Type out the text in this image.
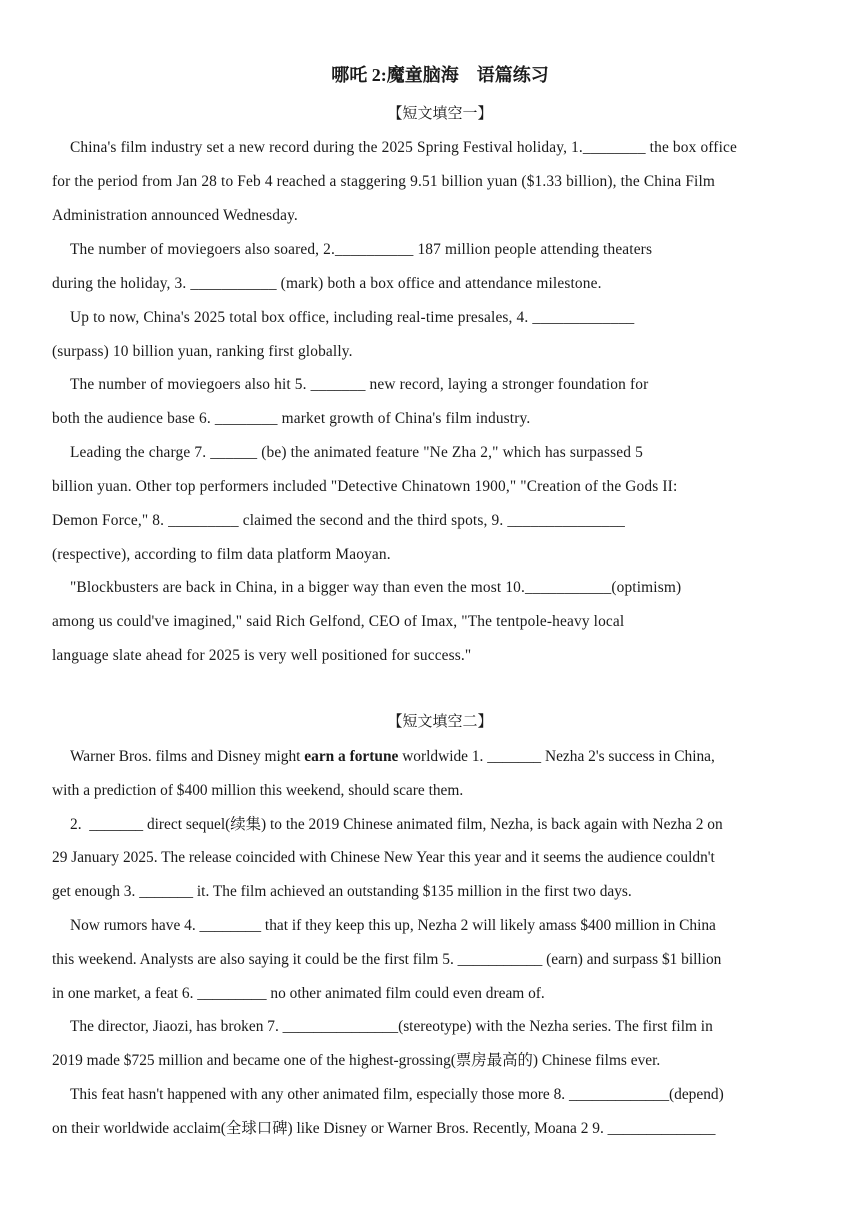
哪吒 2:魔童脑海    语篇练习
【短文填空一】
China's film industry set a new record during the 2025 Spring Festival holiday, 1.________ the box office
for the period from Jan 28 to Feb 4 reached a staggering 9.51 billion yuan ($1.33 billion), the China Film
Administration announced Wednesday.
The number of moviegoers also soared, 2.__________ 187 million people attending theaters
during the holiday, 3. ___________ (mark) both a box office and attendance milestone.
Up to now, China's 2025 total box office, including real-time presales, 4. _____________
(surpass) 10 billion yuan, ranking first globally.
The number of moviegoers also hit 5. _______ new record, laying a stronger foundation for
both the audience base 6. ________ market growth of China's film industry.
Leading the charge 7. ______ (be) the animated feature "Ne Zha 2," which has surpassed 5
billion yuan. Other top performers included "Detective Chinatown 1900," "Creation of the Gods II:
Demon Force," 8. _________ claimed the second and the third spots, 9. _______________
(respective), according to film data platform Maoyan.
"Blockbusters are back in China, in a bigger way than even the most 10.___________(optimism)
among us could've imagined," said Rich Gelfond, CEO of Imax, "The tentpole-heavy local
language slate ahead for 2025 is very well positioned for success."
【短文填空二】
Warner Bros. films and Disney might earn a fortune worldwide 1. _______ Nezha 2's success in China,
with a prediction of $400 million this weekend, should scare them.
2.  _______ direct sequel(续集) to the 2019 Chinese animated film, Nezha, is back again with Nezha 2 on
29 January 2025. The release coincided with Chinese New Year this year and it seems the audience couldn't
get enough 3. _______ it. The film achieved an outstanding $135 million in the first two days.
Now rumors have 4. ________ that if they keep this up, Nezha 2 will likely amass $400 million in China
this weekend. Analysts are also saying it could be the first film 5. ___________ (earn) and surpass $1 billion
in one market, a feat 6. _________ no other animated film could even dream of.
The director, Jiaozi, has broken 7. _______________(stereotype) with the Nezha series. The first film in
2019 made $725 million and became one of the highest-grossing(票房最高的) Chinese films ever.
This feat hasn't happened with any other animated film, especially those more 8. _____________(depend)
on their worldwide acclaim(全球口碑) like Disney or Warner Bros. Recently, Moana 2 9. ______________
